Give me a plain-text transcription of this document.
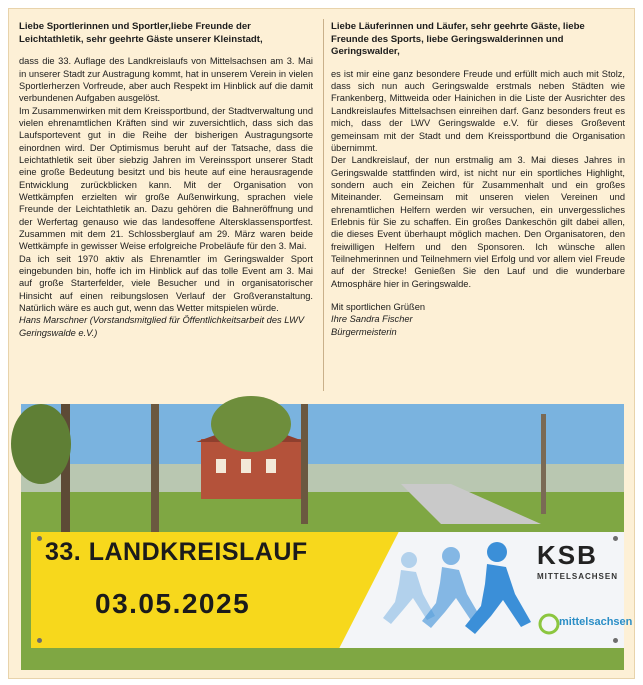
Liebe Sportlerinnen und Sportler,liebe Freunde der Leichtathletik, sehr geehrte Gäste unserer Kleinstadt,

dass die 33. Auflage des Landkreislaufs von Mittelsachsen am 3. Mai in unserer Stadt zur Austragung kommt, hat in unserem Verein in vielen Sportlerherzen Vorfreude, aber auch Respekt im Hinblick auf die damit verbundenen Aufgaben ausgelöst.

Im Zusammenwirken mit dem Kreissportbund, der Stadtverwaltung und vielen ehrenamtlichen Kräften sind wir zuversichtlich, dass sich das Laufsportevent gut in die Reihe der bisherigen Austragungsorte einordnen wird. Der Optimismus beruht auf der Tatsache, dass die Leichtathletik seit über siebzig Jahren im Vereinssport unserer Stadt eine große Bedeutung besitzt und bis heute auf eine herausragende Entwicklung zurückblicken kann. Mit der Organisation von Wettkämpfen erzielten wir große Außenwirkung, sprachen viele Freunde der Leichtathletik an. Dazu gehören die Bahneröffnung und der Werfertag genauso wie das landesoffene Altersklassensportfest. Zusammen mit dem 21. Schlossberglauf am 29. März waren beide Wettkämpfe in gewisser Weise erfolgreiche Probeläufe für den 3. Mai.

Da ich seit 1970 aktiv als Ehrenamtler im Geringswalder Sport eingebunden bin, hoffe ich im Hinblick auf das tolle Event am 3. Mai auf große Starterfelder, viele Besucher und in organisatorischer Hinsicht auf einen reibungslosen Verlauf der Großveranstaltung. Natürlich wäre es auch gut, wenn das Wetter mitspielen würde.

Hans Marschner (Vorstandsmitglied für Öffentlichkeitsarbeit des LWV Geringswalde e.V.)

Liebe Läuferinnen und Läufer, sehr geehrte Gäste, liebe Freunde des Sports, liebe Geringswalderinnen und Geringswalder,

es ist mir eine ganz besondere Freude und erfüllt mich auch mit Stolz, dass sich nun auch Geringswalde erstmals neben Städten wie Frankenberg, Mittweida oder Hainichen in die Liste der Ausrichter des Landkreislaufes Mittelsachsen einreihen darf. Ganz besonders freut es mich, dass der LWV Geringswalde e.V. für dieses Großevent gemeinsam mit der Stadt und dem Kreissportbund die Organisation übernimmt.

Der Landkreislauf, der nun erstmalig am 3. Mai dieses Jahres in Geringswalde stattfinden wird, ist nicht nur ein sportliches Highlight, sondern auch ein Zeichen für Zusammenhalt und ein großes Miteinander. Gemeinsam mit unseren vielen Vereinen und ehrenamtlichen Helfern werden wir versuchen, ein unvergessliches Erlebnis für Sie zu schaffen. Ein großes Dankeschön gilt dabei allen, die dieses Event überhaupt möglich machen. Den Organisatoren, den freiwilligen Helfern und den Sponsoren. Ich wünsche allen Teilnehmerinnen und Teilnehmern viel Erfolg und vor allem viel Freude auf der Strecke! Genießen Sie den Lauf und die wunderbare Atmosphäre hier in Geringswalde.

Mit sportlichen Grüßen

Ihre Sandra Fischer

Bürgermeisterin

33. LANDKREISLAUF
03.05.2025
KSB
MITTELSACHSEN
mittelsachsen
